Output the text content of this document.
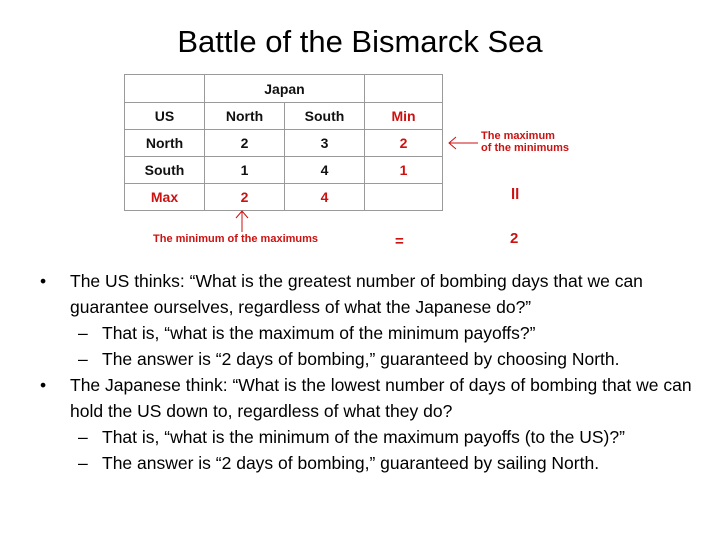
Battle of the Bismarck Sea
	Japan		
US	North	South	Min
North	2	3	2
South	1	4	1
Max	2	4	
The maximum
of the minimums
The minimum of the maximums
ll
=	2
• The US thinks: “What is the greatest number of bombing days that we can guarantee ourselves, regardless of what the Japanese do?”
– That is, “what is the maximum of the minimum payoffs?”
– The answer is “2 days of bombing,” guaranteed by choosing North.
• The Japanese think: “What is the lowest number of days of bombing that we can hold the US down to, regardless of what they do?
– That is, “what is the minimum of the maximum payoffs (to the US)?”
– The answer is “2 days of bombing,” guaranteed by sailing North.
